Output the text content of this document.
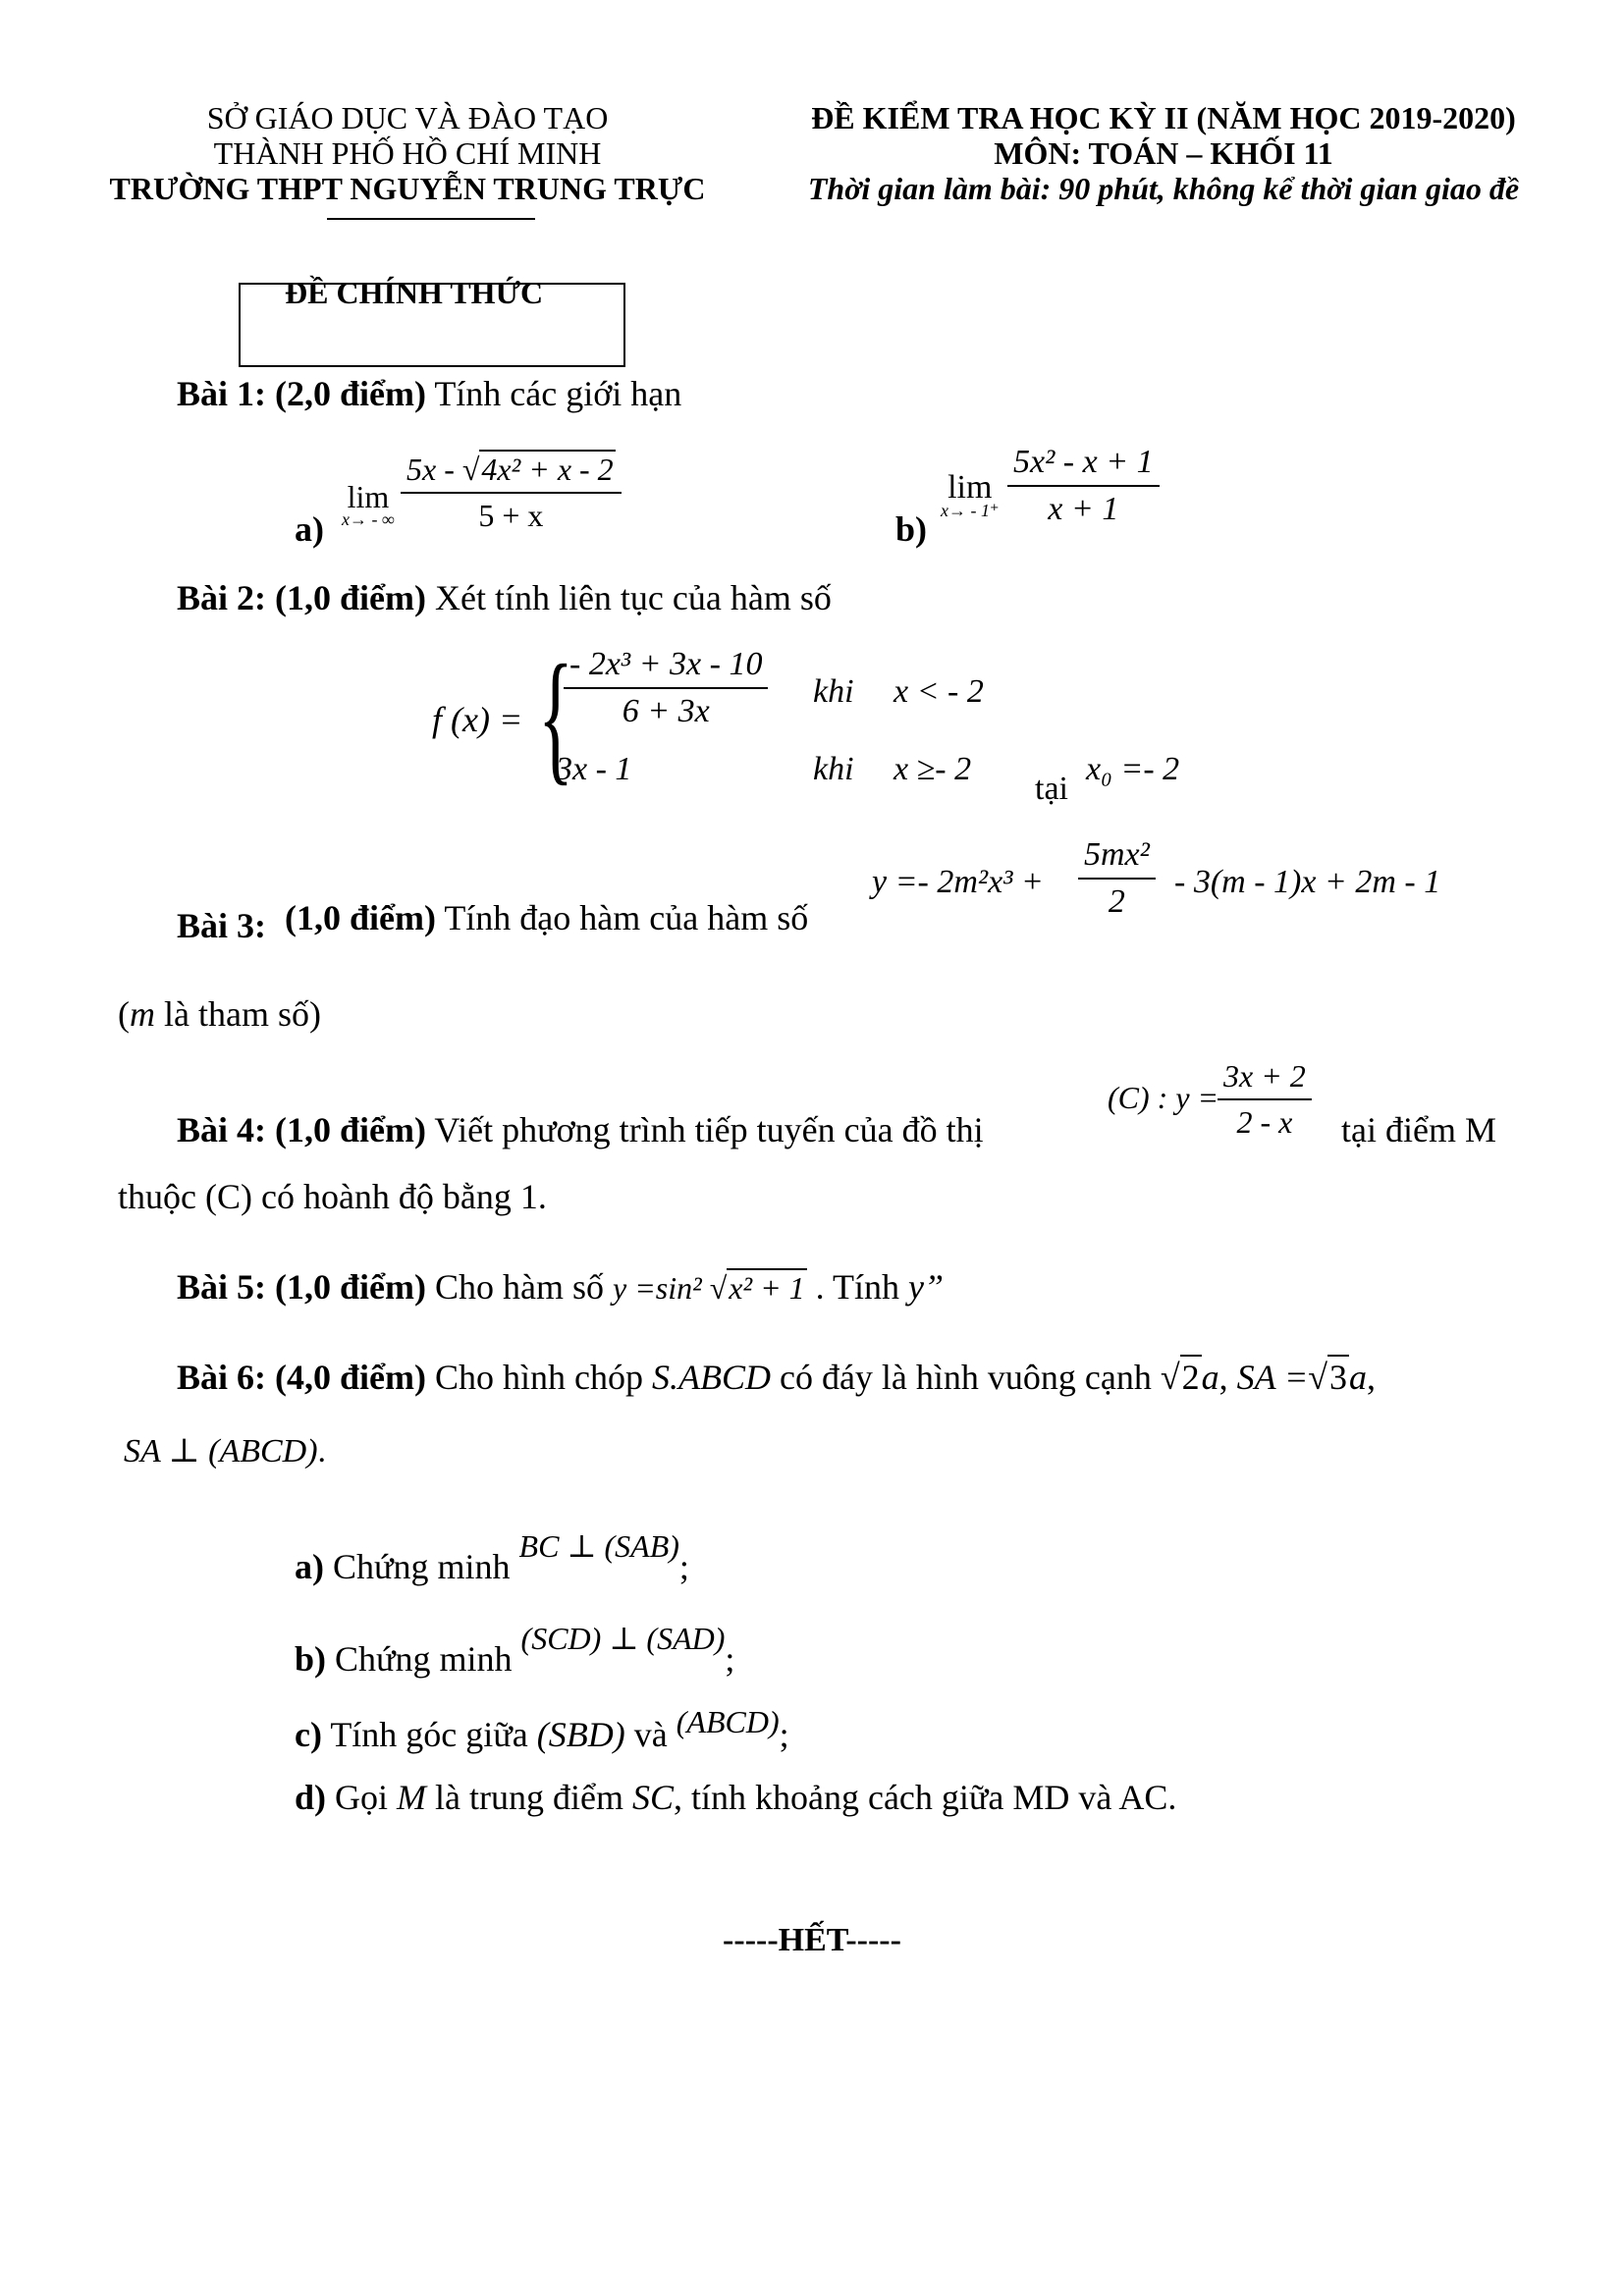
SỞ GIÁO DỤC VÀ ĐÀO TẠO
THÀNH PHỐ HỒ CHÍ MINH
TRƯỜNG THPT NGUYỄN TRUNG TRỰC
ĐỀ KIỂM TRA HỌC KỲ II (NĂM HỌC 2019-2020)
MÔN: TOÁN – KHỐI 11
Thời gian làm bài: 90 phút, không kể thời gian giao đề
ĐỀ CHÍNH THỨC
Bài 1: (2,0 điểm) Tính các giới hạn
a)
lim
x→ - ∞ $\frac{\text{5x - √4x² + x - 2}}{5 + x}$	b)
lim
$x\to - 1^+ \frac{\text{5x² - x + 1}}{x + 1}$
Bài 2: (1,0 điểm) Xét tính liên tục của hàm số
f (x) = {
$\frac{\text{- 2x³ + 3x - 10}}{6 + 3x}$ khi x < - 2
3x - 1	khi x ≥- 2
tại
x₀ =- 2
$y =- 2m^2x^3 + \frac{\text{5mx²}}{2} - 3(m - 1)x + 2m - 1$
Bài 3: (1,0 điểm) Tính đạo hàm của hàm số
(m là tham số)
(C) : y =
$\frac{3x + 2}{2 - x}$
Bài 4: (1,0 điểm) Viết phương trình tiếp tuyến của đồ thị	tại điểm M
thuộc (C) có hoành độ bằng 1.
Bài 5: (1,0 điểm) Cho hàm số y =sin² √x² + 1 . Tính y”
Bài 6: (4,0 điểm) Cho hình chóp S.ABCD có đáy là hình vuông cạnh √2a, SA =√3a,
SA ⊥ (ABCD).
a) Chứng minh BC ⊥ (SAB);
b) Chứng minh (SCD) ⊥ (SAD);
c) Tính góc giữa (SBD) và (ABCD);
d) Gọi M là trung điểm SC, tính khoảng cách giữa MD và AC.
-----HẾT-----
